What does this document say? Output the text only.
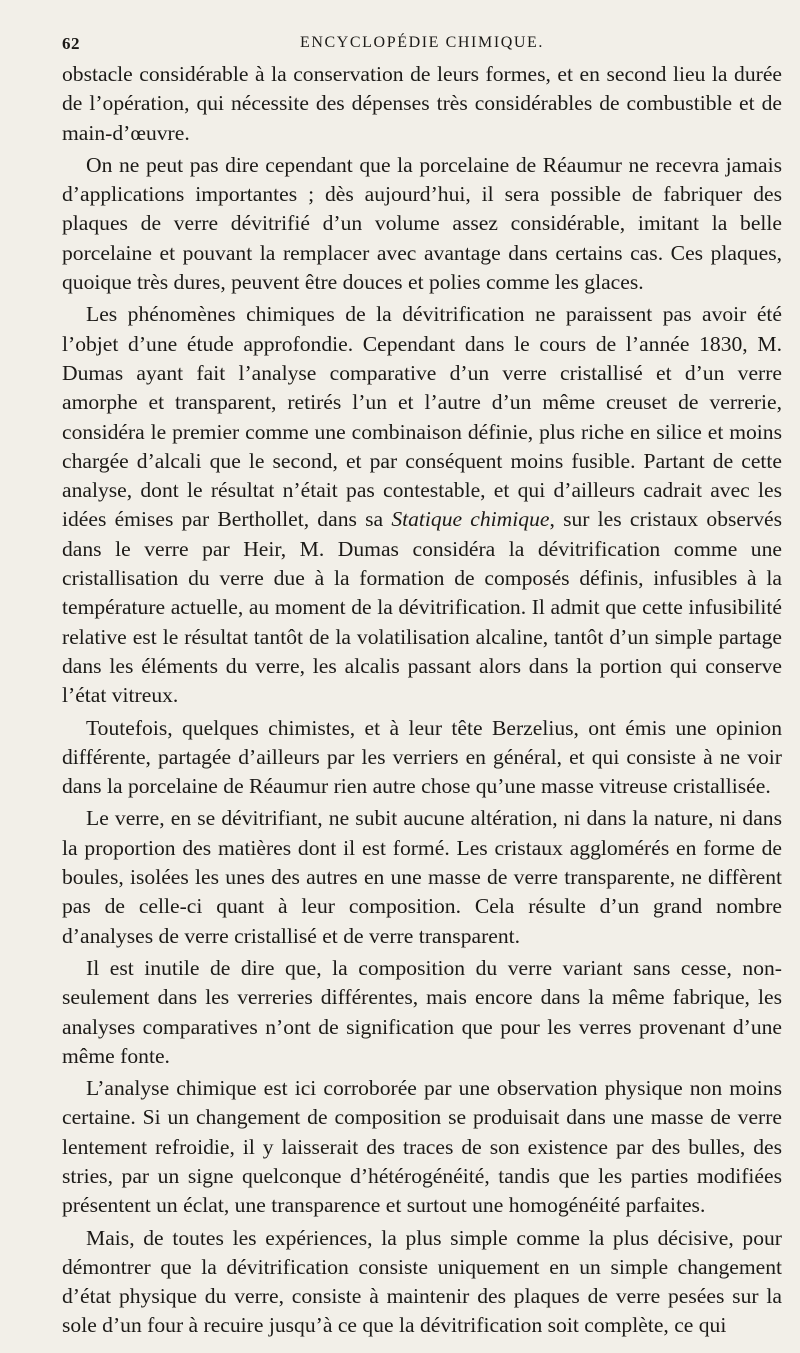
62	ENCYCLOPÉDIE CHIMIQUE.

obstacle considérable à la conservation de leurs formes, et en second lieu la durée de l’opération, qui nécessite des dépenses très considérables de combustible et de main-d’œuvre.

On ne peut pas dire cependant que la porcelaine de Réaumur ne recevra jamais d’applications importantes ; dès aujourd’hui, il sera possible de fabriquer des plaques de verre dévitrifié d’un volume assez considérable, imitant la belle porcelaine et pouvant la remplacer avec avantage dans certains cas. Ces plaques, quoique très dures, peuvent être douces et polies comme les glaces.

Les phénomènes chimiques de la dévitrification ne paraissent pas avoir été l’objet d’une étude approfondie. Cependant dans le cours de l’année 1830, M. Dumas ayant fait l’analyse comparative d’un verre cristallisé et d’un verre amorphe et transparent, retirés l’un et l’autre d’un même creuset de verrerie, considéra le premier comme une combinaison définie, plus riche en silice et moins chargée d’alcali que le second, et par conséquent moins fusible. Partant de cette analyse, dont le résultat n’était pas contestable, et qui d’ailleurs cadrait avec les idées émises par Berthollet, dans sa Statique chimique, sur les cristaux observés dans le verre par Heir, M. Dumas considéra la dévitrification comme une cristallisation du verre due à la formation de composés définis, infusibles à la température actuelle, au moment de la dévitrification. Il admit que cette infusibilité relative est le résultat tantôt de la volatilisation alcaline, tantôt d’un simple partage dans les éléments du verre, les alcalis passant alors dans la portion qui conserve l’état vitreux.

Toutefois, quelques chimistes, et à leur tête Berzelius, ont émis une opinion différente, partagée d’ailleurs par les verriers en général, et qui consiste à ne voir dans la porcelaine de Réaumur rien autre chose qu’une masse vitreuse cristallisée.

Le verre, en se dévitrifiant, ne subit aucune altération, ni dans la nature, ni dans la proportion des matières dont il est formé. Les cristaux agglomérés en forme de boules, isolées les unes des autres en une masse de verre transparente, ne diffèrent pas de celle-ci quant à leur composition. Cela résulte d’un grand nombre d’analyses de verre cristallisé et de verre transparent.

Il est inutile de dire que, la composition du verre variant sans cesse, non-seulement dans les verreries différentes, mais encore dans la même fabrique, les analyses comparatives n’ont de signification que pour les verres provenant d’une même fonte.

L’analyse chimique est ici corroborée par une observation physique non moins certaine. Si un changement de composition se produisait dans une masse de verre lentement refroidie, il y laisserait des traces de son existence par des bulles, des stries, par un signe quelconque d’hétérogénéité, tandis que les parties modifiées présentent un éclat, une transparence et surtout une homogénéité parfaites.

Mais, de toutes les expériences, la plus simple comme la plus décisive, pour démontrer que la dévitrification consiste uniquement en un simple changement d’état physique du verre, consiste à maintenir des plaques de verre pesées sur la sole d’un four à recuire jusqu’à ce que la dévitrification soit complète, ce qui
